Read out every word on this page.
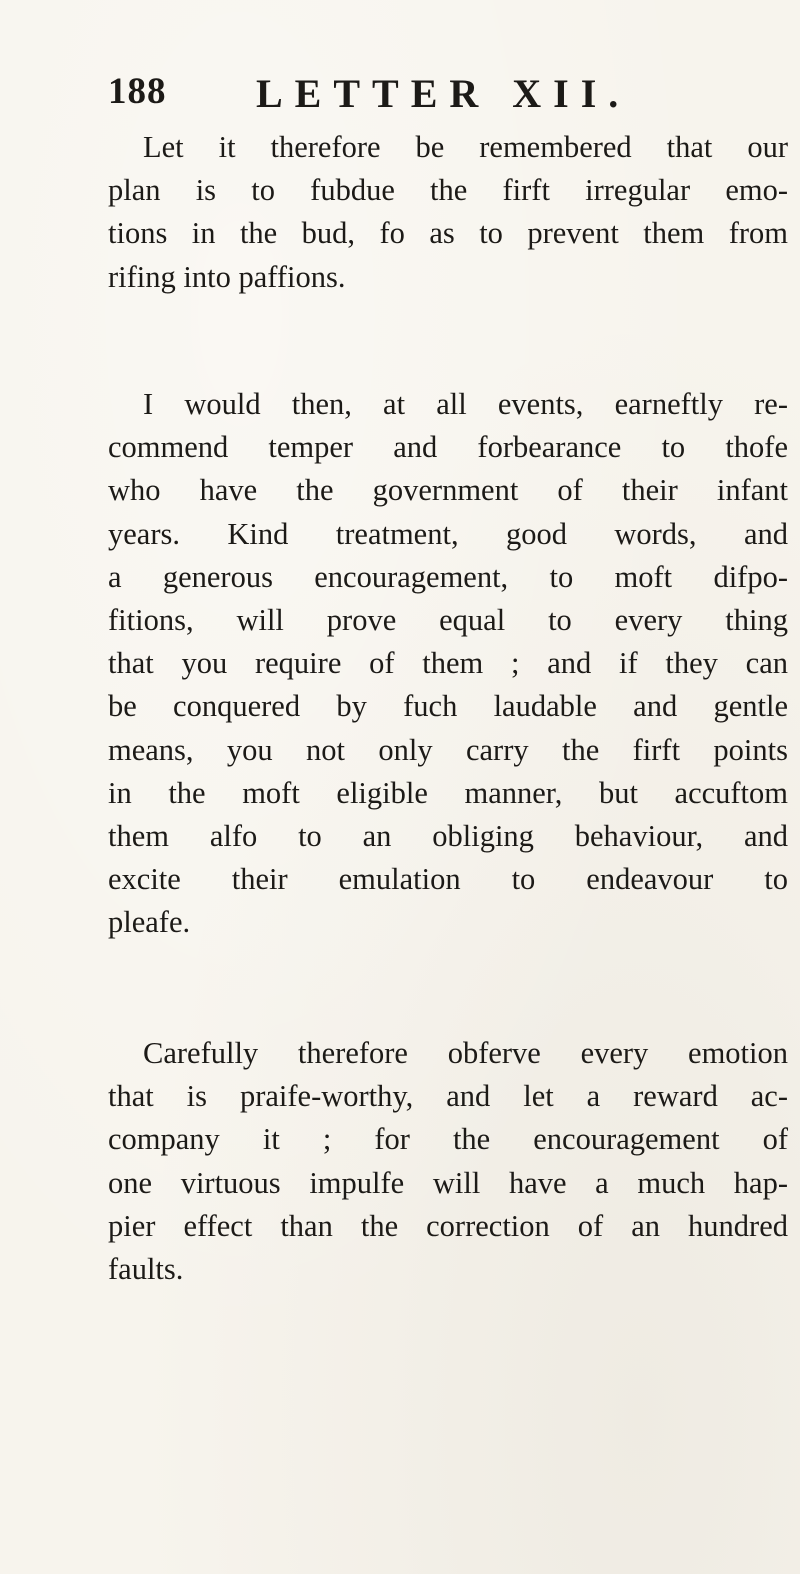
188 LETTER XII.
Let it therefore be remembered that our
plan is to fubdue the firft irregular emo-
tions in the bud, fo as to prevent them from
rifing into paffions.
I would then, at all events, earneftly re-
commend temper and forbearance to thofe
who have the government of their infant
years. Kind treatment, good words, and
a generous encouragement, to moft difpo-
fitions, will prove equal to every thing
that you require of them ; and if they can
be conquered by fuch laudable and gentle
means, you not only carry the firft points
in the moft eligible manner, but accuftom
them alfo to an obliging behaviour, and
excite their emulation to endeavour to
pleafe.
Carefully therefore obferve every emotion
that is praife-worthy, and let a reward ac-
company it ; for the encouragement of
one virtuous impulfe will have a much hap-
pier effect than the correction of an hundred
faults.
